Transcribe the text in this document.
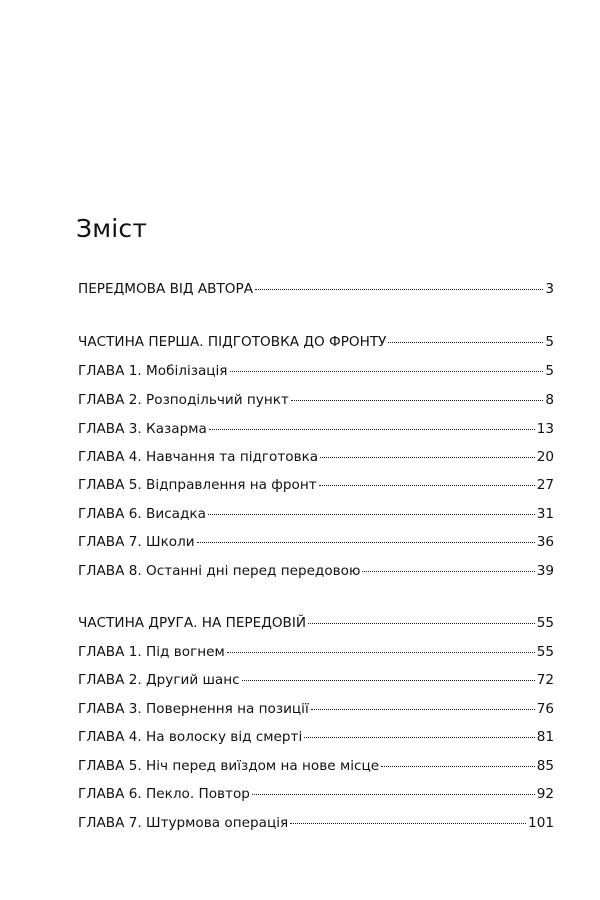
Зміст
ПЕРЕДМОВА ВІД АВТОРА	3
ЧАСТИНА ПЕРША. ПІДГОТОВКА ДО ФРОНТУ	5
ГЛАВА 1. Мобілізація	5
ГЛАВА 2. Розподільчий пункт	8
ГЛАВА 3. Казарма	13
ГЛАВА 4. Навчання та підготовка	20
ГЛАВА 5. Відправлення на фронт	27
ГЛАВА 6. Висадка	31
ГЛАВА 7. Школи	36
ГЛАВА 8. Останні дні перед передовою	39
ЧАСТИНА ДРУГА. НА ПЕРЕДОВІЙ	55
ГЛАВА 1. Під вогнем	55
ГЛАВА 2. Другий шанс	72
ГЛАВА 3. Повернення на позиції	76
ГЛАВА 4. На волоску від смерті	81
ГЛАВА 5. Ніч перед виїздом на нове місце	85
ГЛАВА 6. Пекло. Повтор	92
ГЛАВА 7. Штурмова операція	101
